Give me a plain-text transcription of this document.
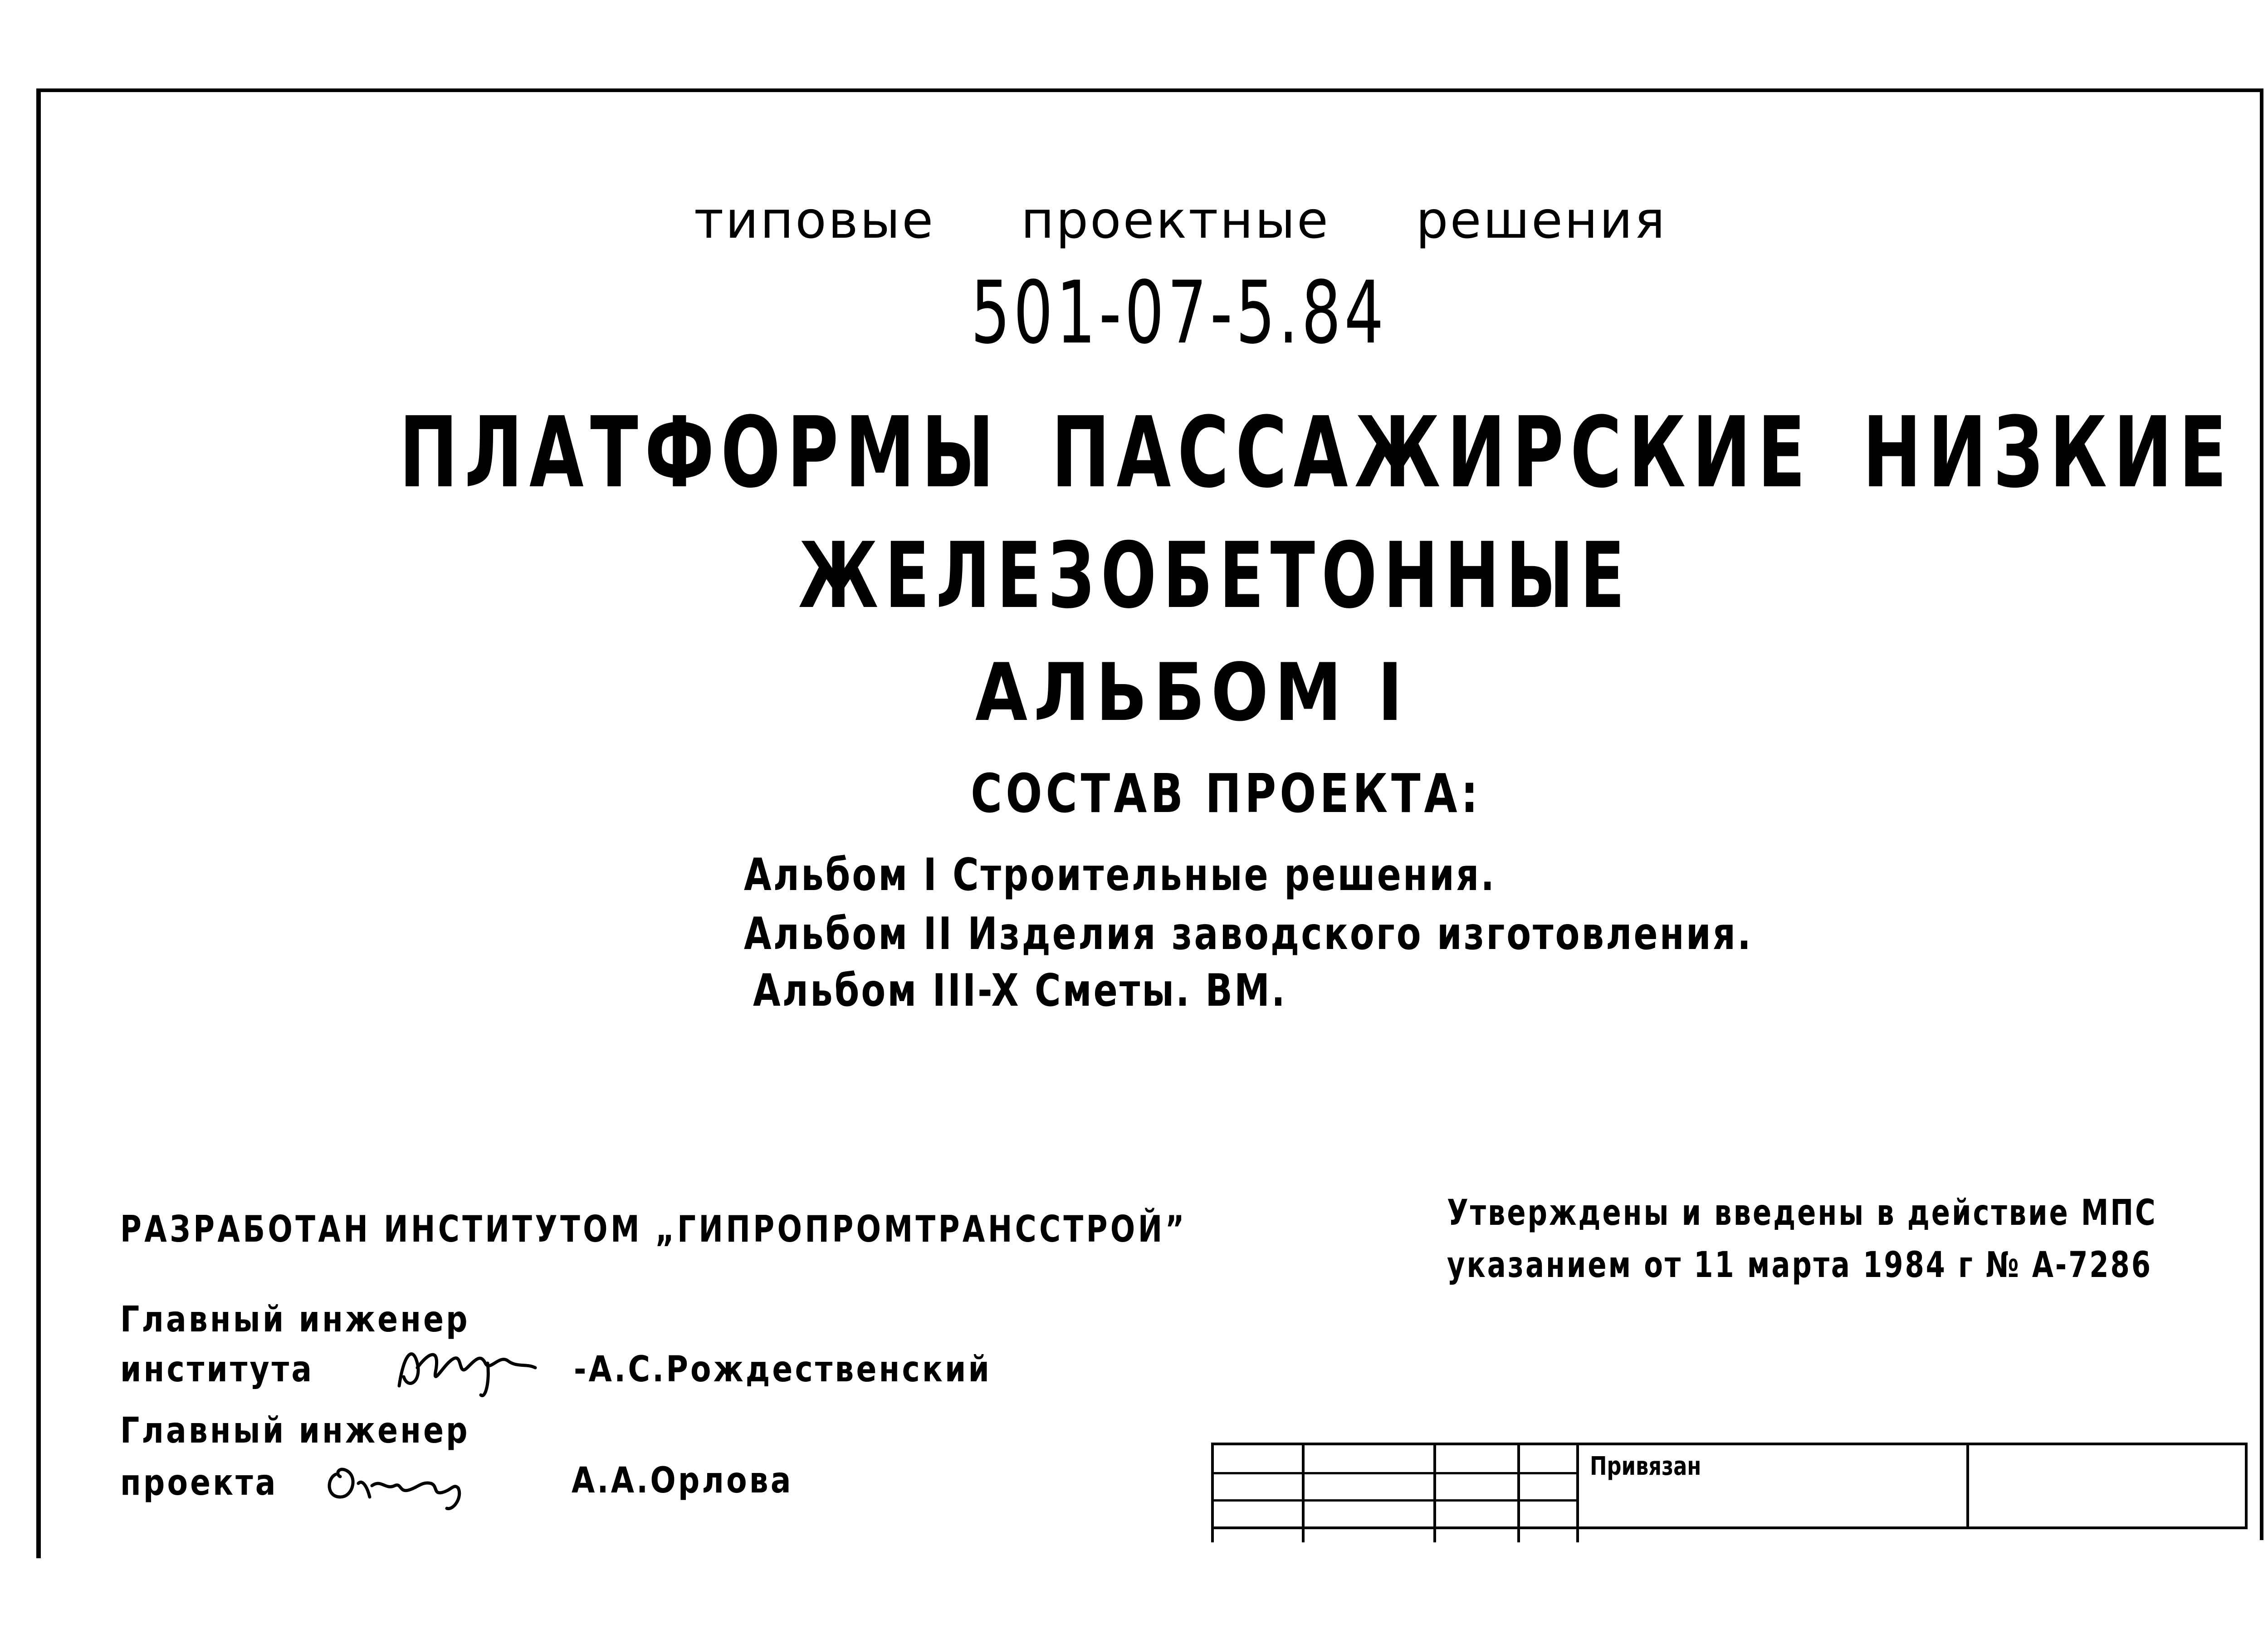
типовые проектные решения
501-07-5.84
ПЛАТФОРМЫ ПАССАЖИРСКИЕ НИЗКИЕ
ЖЕЛЕЗОБЕТОННЫЕ
АЛЬБОМ I
СОСТАВ ПРОЕКТА:
Альбом I Строительные решения.
Альбом II Изделия заводского изготовления.
Альбом III-X Сметы. ВМ.
РАЗРАБОТАН ИНСТИТУТОМ „ГИПРОПРОМТРАНССТРОЙ”
Главный инженер
института	-А.С.Рождественский
Главный инженер
проекта	А.А.Орлова
Утверждены и введены в действие МПС
указанием от 11 марта 1984 г № А-7286
Привязан
